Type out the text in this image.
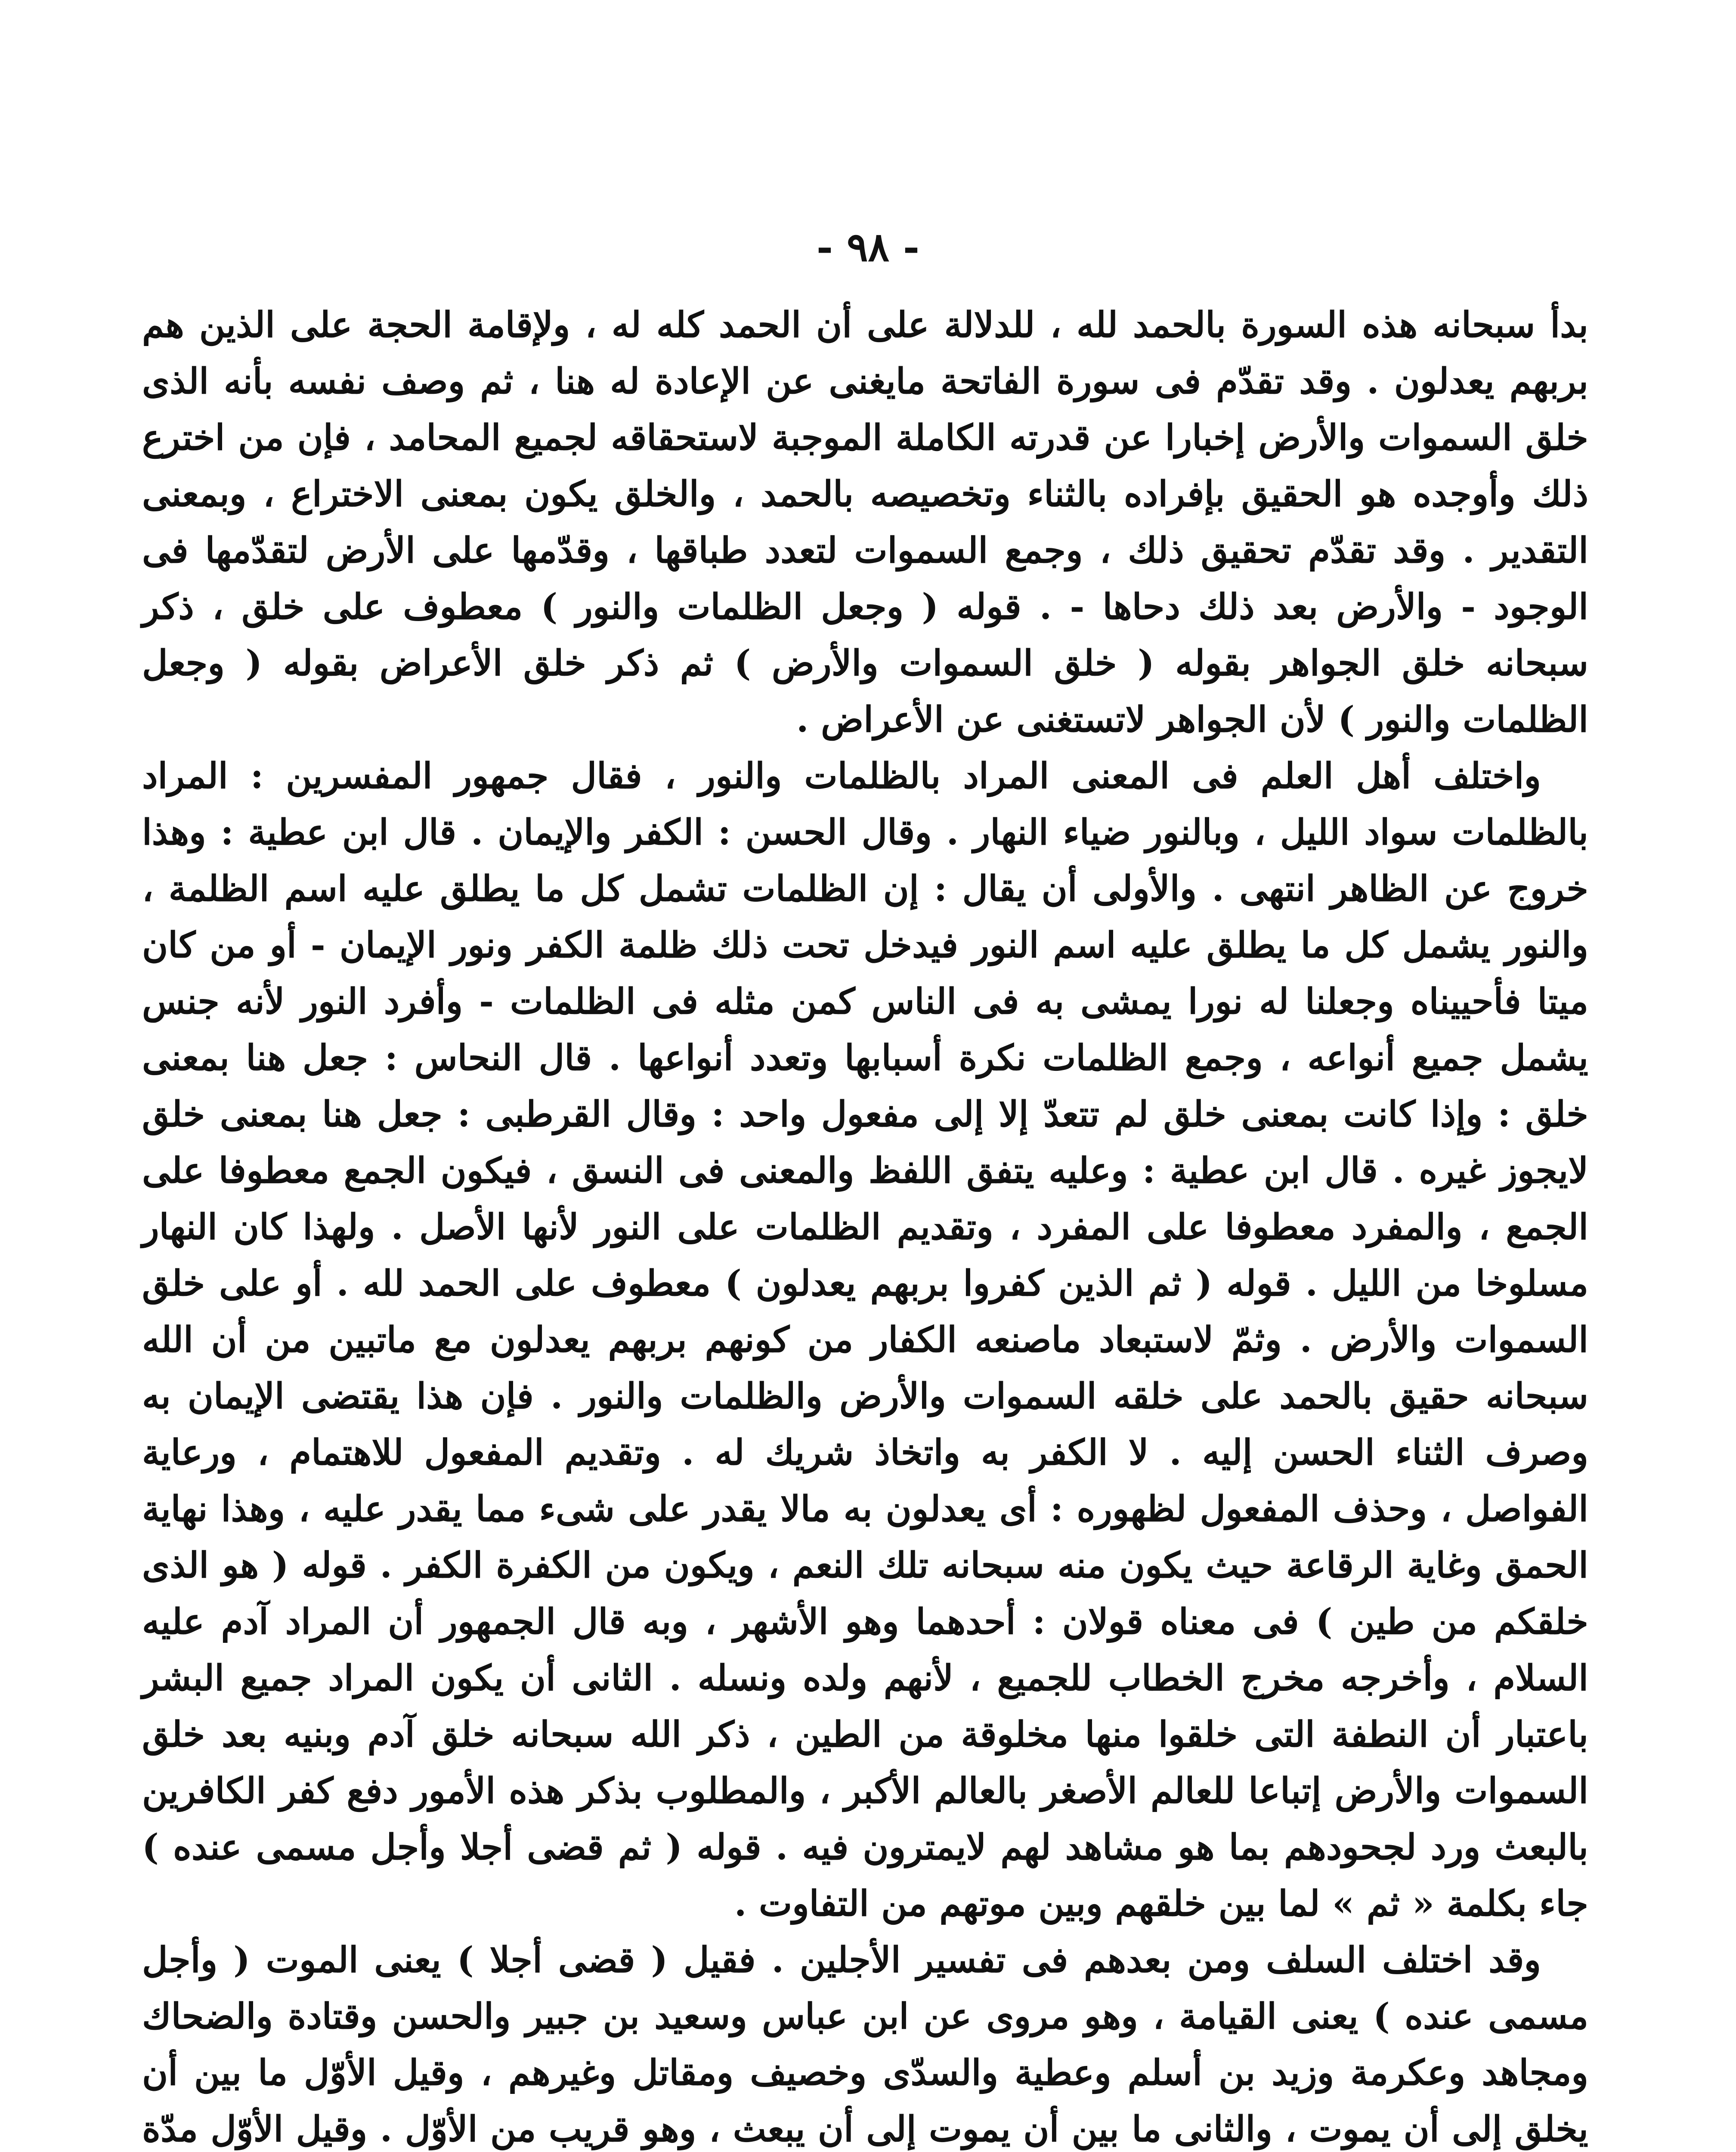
- ٩٨ -

بدأ سبحانه هذه السورة بالحمد لله ، للدلالة على أن الحمد كله له ، ولإقامة الحجة على الذين هم بربهم يعدلون . وقد تقدّم فى سورة الفاتحة مايغنى عن الإعادة له هنا ، ثم وصف نفسه بأنه الذى خلق السموات والأرض إخبارا عن قدرته الكاملة الموجبة لاستحقاقه لجميع المحامد ، فإن من اخترع ذلك وأوجده هو الحقيق بإفراده بالثناء وتخصيصه بالحمد ، والخلق يكون بمعنى الاختراع ، وبمعنى التقدير . وقد تقدّم تحقيق ذلك ، وجمع السموات لتعدد طباقها ، وقدّمها على الأرض لتقدّمها فى الوجود - والأرض بعد ذلك دحاها - . قوله ( وجعل الظلمات والنور ) معطوف على خلق ، ذكر سبحانه خلق الجواهر بقوله ( خلق السموات والأرض ) ثم ذكر خلق الأعراض بقوله ( وجعل الظلمات والنور ) لأن الجواهر لاتستغنى عن الأعراض .

واختلف أهل العلم فى المعنى المراد بالظلمات والنور ، فقال جمهور المفسرين : المراد بالظلمات سواد الليل ، وبالنور ضياء النهار . وقال الحسن : الكفر والإيمان . قال ابن عطية : وهذا خروج عن الظاهر انتهى . والأولى أن يقال : إن الظلمات تشمل كل ما يطلق عليه اسم الظلمة ، والنور يشمل كل ما يطلق عليه اسم النور فيدخل تحت ذلك ظلمة الكفر ونور الإيمان - أو من كان ميتا فأحييناه وجعلنا له نورا يمشى به فى الناس كمن مثله فى الظلمات - وأفرد النور لأنه جنس يشمل جميع أنواعه ، وجمع الظلمات نكرة أسبابها وتعدد أنواعها . قال النحاس : جعل هنا بمعنى خلق : وإذا كانت بمعنى خلق لم تتعدّ إلا إلى مفعول واحد : وقال القرطبى : جعل هنا بمعنى خلق لايجوز غيره . قال ابن عطية : وعليه يتفق اللفظ والمعنى فى النسق ، فيكون الجمع معطوفا على الجمع ، والمفرد معطوفا على المفرد ، وتقديم الظلمات على النور لأنها الأصل . ولهذا كان النهار مسلوخا من الليل . قوله ( ثم الذين كفروا بربهم يعدلون ) معطوف على الحمد لله . أو على خلق السموات والأرض . وثمّ لاستبعاد ماصنعه الكفار من كونهم بربهم يعدلون مع ماتبين من أن الله سبحانه حقيق بالحمد على خلقه السموات والأرض والظلمات والنور . فإن هذا يقتضى الإيمان به وصرف الثناء الحسن إليه . لا الكفر به واتخاذ شريك له . وتقديم المفعول للاهتمام ، ورعاية الفواصل ، وحذف المفعول لظهوره : أى يعدلون به مالا يقدر على شىء مما يقدر عليه ، وهذا نهاية الحمق وغاية الرقاعة حيث يكون منه سبحانه تلك النعم ، ويكون من الكفرة الكفر . قوله ( هو الذى خلقكم من طين ) فى معناه قولان : أحدهما وهو الأشهر ، وبه قال الجمهور أن المراد آدم عليه السلام ، وأخرجه مخرج الخطاب للجميع ، لأنهم ولده ونسله . الثانى أن يكون المراد جميع البشر باعتبار أن النطفة التى خلقوا منها مخلوقة من الطين ، ذكر الله سبحانه خلق آدم وبنيه بعد خلق السموات والأرض إتباعا للعالم الأصغر بالعالم الأكبر ، والمطلوب بذكر هذه الأمور دفع كفر الكافرين بالبعث ورد لجحودهم بما هو مشاهد لهم لايمترون فيه . قوله ( ثم قضى أجلا وأجل مسمى عنده ) جاء بكلمة « ثم » لما بين خلقهم وبين موتهم من التفاوت .

وقد اختلف السلف ومن بعدهم فى تفسير الأجلين . فقيل ( قضى أجلا ) يعنى الموت ( وأجل مسمى عنده ) يعنى القيامة ، وهو مروى عن ابن عباس وسعيد بن جبير والحسن وقتادة والضحاك ومجاهد وعكرمة وزيد بن أسلم وعطية والسدّى وخصيف ومقاتل وغيرهم ، وقيل الأوّل ما بين أن يخلق إلى أن يموت ، والثانى ما بين أن يموت إلى أن يبعث ، وهو قريب من الأوّل . وقيل الأوّل مدّة
